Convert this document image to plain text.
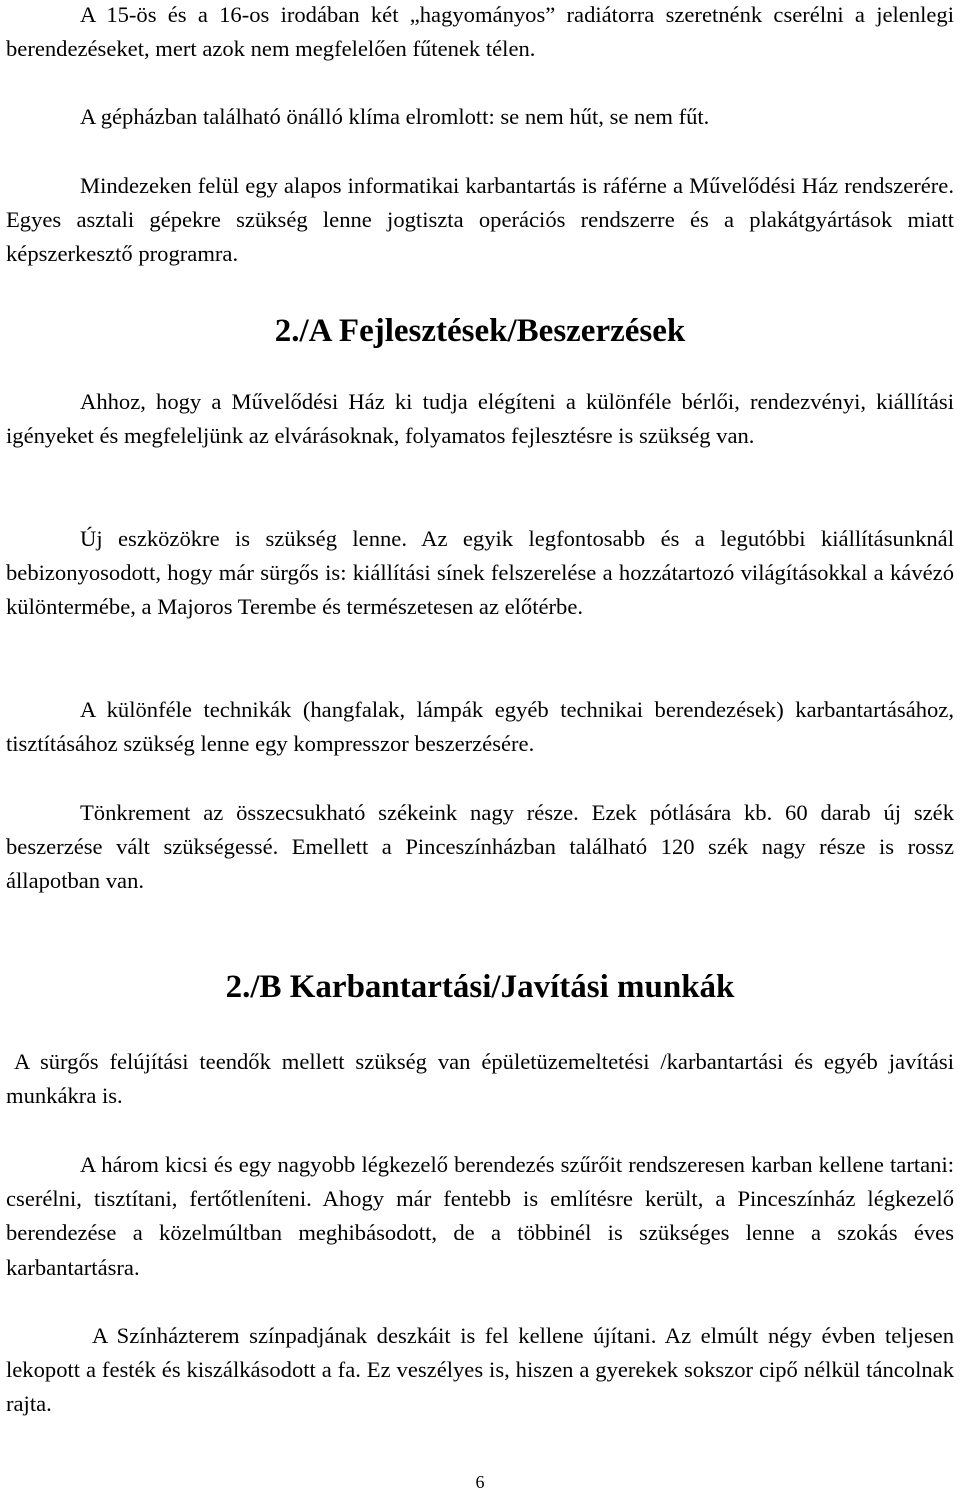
A 15-ös és a 16-os irodában két „hagyományos” radiátorra szeretnénk cserélni a jelenlegi berendezéseket, mert azok nem megfelelően fűtenek télen.

A gépházban található önálló klíma elromlott: se nem hűt, se nem fűt.

Mindezeken felül egy alapos informatikai karbantartás is ráférne a Művelődési Ház rendszerére. Egyes asztali gépekre szükség lenne jogtiszta operációs rendszerre és a plakátgyártások miatt képszerkesztő programra.

2./A Fejlesztések/Beszerzések

Ahhoz, hogy a Művelődési Ház ki tudja elégíteni a különféle bérlői, rendezvényi, kiállítási igényeket és megfeleljünk az elvárásoknak, folyamatos fejlesztésre is szükség van.

Új eszközökre is szükség lenne. Az egyik legfontosabb és a legutóbbi kiállításunknál bebizonyosodott, hogy már sürgős is: kiállítási sínek felszerelése a hozzátartozó világításokkal a kávézó különtermébe, a Majoros Terembe és természetesen az előtérbe.

A különféle technikák (hangfalak, lámpák egyéb technikai berendezések) karbantartásához, tisztításához szükség lenne egy kompresszor beszerzésére.

Tönkrement az összecsukható székeink nagy része. Ezek pótlására kb. 60 darab új szék beszerzése vált szükségessé. Emellett a Pinceszínházban található 120 szék nagy része is rossz állapotban van.

2./B Karbantartási/Javítási munkák

A sürgős felújítási teendők mellett szükség van épületüzemeltetési /karbantartási és egyéb javítási munkákra is.

A három kicsi és egy nagyobb légkezelő berendezés szűrőit rendszeresen karban kellene tartani: cserélni, tisztítani, fertőtleníteni. Ahogy már fentebb is említésre került, a Pinceszínház légkezelő berendezése a közelmúltban meghibásodott, de a többinél is szükséges lenne a szokás éves karbantartásra.

A Színházterem színpadjának deszkáit is fel kellene újítani. Az elmúlt négy évben teljesen lekopott a festék és kiszálkásodott a fa. Ez veszélyes is, hiszen a gyerekek sokszor cipő nélkül táncolnak rajta.

6
